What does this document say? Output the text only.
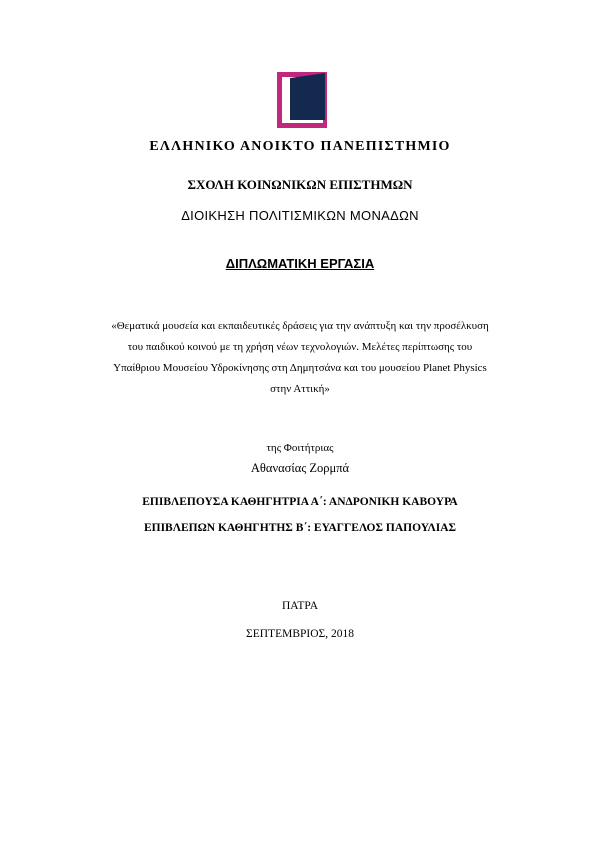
ΕΛΛΗΝΙΚΟ ΑΝΟΙΚΤΟ ΠΑΝΕΠΙΣΤΗΜΙΟ
ΣΧΟΛΗ ΚΟΙΝΩΝΙΚΩΝ ΕΠΙΣΤΗΜΩΝ
ΔΙΟΙΚΗΣΗ ΠΟΛΙΤΙΣΜΙΚΩΝ ΜΟΝΑΔΩΝ
ΔΙΠΛΩΜΑΤΙΚΗ ΕΡΓΑΣΙΑ
«Θεματικά μουσεία και εκπαιδευτικές δράσεις για την ανάπτυξη και την προσέλκυση
του παιδικού κοινού με τη χρήση νέων τεχνολογιών. Μελέτες περίπτωσης του
Υπαίθριου Μουσείου Υδροκίνησης στη Δημητσάνα και του μουσείου Planet Physics
στην Αττική»
της Φοιτήτριας
Αθανασίας Ζορμπά
ΕΠΙΒΛΕΠΟΥΣΑ ΚΑΘΗΓΗΤΡΙΑ Α΄: ΑΝΔΡΟΝΙΚΗ ΚΑΒΟΥΡΑ
ΕΠΙΒΛΕΠΩΝ ΚΑΘΗΓΗΤΗΣ Β΄: ΕΥΑΓΓΕΛΟΣ ΠΑΠΟΥΛΙΑΣ
ΠΑΤΡΑ
ΣΕΠΤΕΜΒΡΙΟΣ, 2018
